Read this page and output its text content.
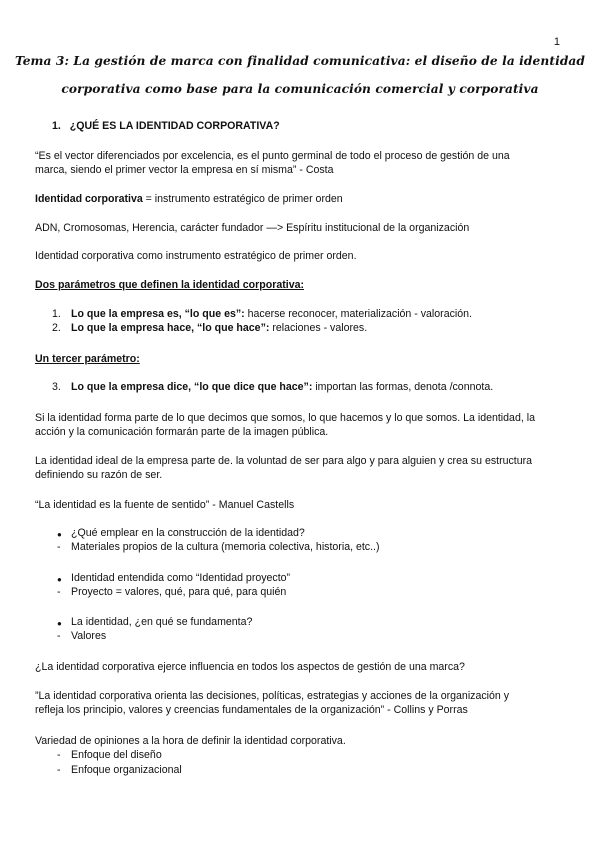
1
Tema 3: La gestión de marca con finalidad comunicativa: el diseño de la identidad
corporativa como base para la comunicación comercial y corporativa
1. ¿QUÉ ES LA IDENTIDAD CORPORATIVA?
“Es el vector diferenciados por excelencia, es el punto germinal de todo el proceso de gestión de una
marca, siendo el primer vector la empresa en sí misma” - Costa
Identidad corporativa = instrumento estratégico de primer orden
ADN, Cromosomas, Herencia, carácter fundador —> Espíritu institucional de la organización
Identidad corporativa como instrumento estratégico de primer orden.
Dos parámetros que definen la identidad corporativa:
1. Lo que la empresa es, “lo que es”: hacerse reconocer, materialización - valoración.
2. Lo que la empresa hace, “lo que hace”: relaciones - valores.
Un tercer parámetro:
3. Lo que la empresa dice, “lo que dice que hace”: importan las formas, denota /connota.
Si la identidad forma parte de lo que decimos que somos, lo que hacemos y lo que somos. La identidad, la
acción y la comunicación formarán parte de la imagen pública.
La identidad ideal de la empresa parte de. la voluntad de ser para algo y para alguien y crea su estructura
definiendo su razón de ser.
“La identidad es la fuente de sentido” - Manuel Castells
● ¿Qué emplear en la construcción de la identidad?
- Materiales propios de la cultura (memoria colectiva, historia, etc..)
● Identidad entendida como “Identidad proyecto”
- Proyecto = valores, qué, para qué, para quién
● La identidad, ¿en qué se fundamenta?
- Valores
¿La identidad corporativa ejerce influencia en todos los aspectos de gestión de una marca?
”La identidad corporativa orienta las decisiones, políticas, estrategias y acciones de la organización y
refleja los principio, valores y creencias fundamentales de la organización” - Collins y Porras
Variedad de opiniones a la hora de definir la identidad corporativa.
- Enfoque del diseño
- Enfoque organizacional
